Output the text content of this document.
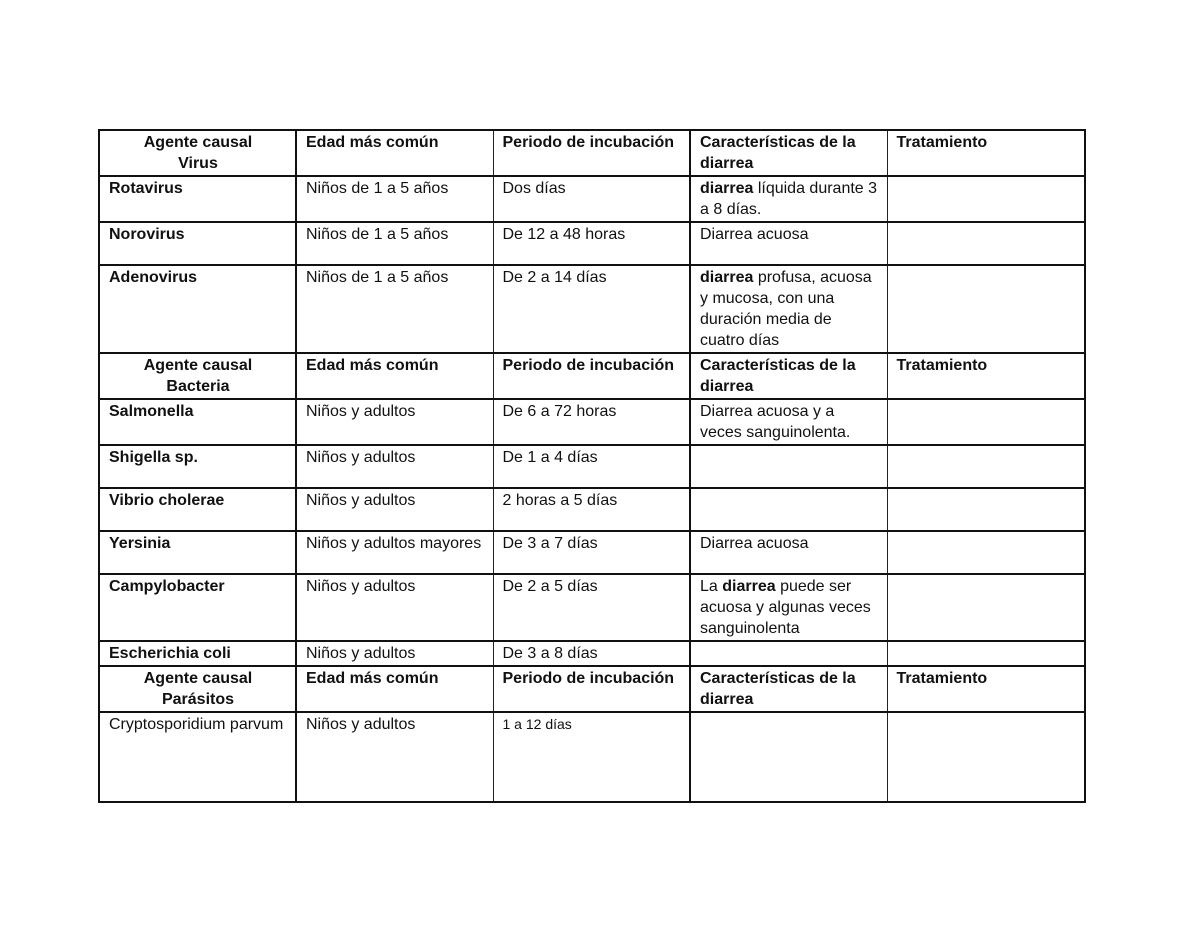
Agente causal
Virus	Edad más común	Periodo de incubación	Características de la diarrea	Tratamiento
Rotavirus	Niños de 1 a 5 años	Dos días	diarrea líquida durante 3 a 8 días.	
Norovirus	Niños de 1 a 5 años	De 12 a 48 horas	Diarrea acuosa	
Adenovirus	Niños de 1 a 5 años	De 2 a 14 días	diarrea profusa, acuosa y mucosa, con una duración media de cuatro días	

Agente causal
Bacteria	Edad más común	Periodo de incubación	Características de la diarrea	Tratamiento
Salmonella	Niños y adultos	De 6 a 72 horas	Diarrea acuosa y a veces sanguinolenta.	
Shigella sp.	Niños y adultos	De 1 a 4 días		
Vibrio cholerae	Niños y adultos	2 horas a 5 días		
Yersinia	Niños y adultos mayores	De 3 a 7 días	Diarrea acuosa	
Campylobacter	Niños y adultos	De 2 a 5 días	La diarrea puede ser acuosa y algunas veces sanguinolenta	
Escherichia coli	Niños y adultos	De 3 a 8 días		

Agente causal
Parásitos	Edad más común	Periodo de incubación	Características de la diarrea	Tratamiento
Cryptosporidium parvum	Niños y adultos	1 a 12 días		
